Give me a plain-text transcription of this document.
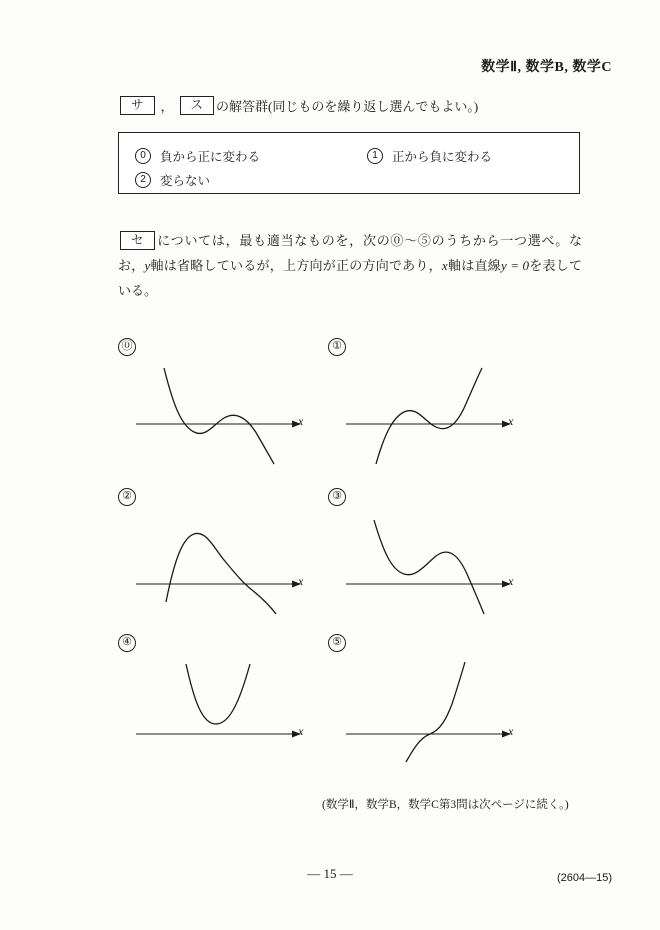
数学Ⅱ, 数学B, 数学C
サ	，	ス	の解答群(同じものを繰り返し選んでもよい。)
0	負から正に変わる	1	正から負に変わる
2	変らない
セ については，最も適当なものを，次の⓪〜⑤のうちから一つ選べ。なお，y軸は省略しているが，上方向が正の方向であり，x軸は直線y = 0を表している。
⓪
x
①
x
②
x
③
x
④
x
⑤
x
(数学Ⅱ，数学B，数学C第3問は次ページに続く。)
— 15 —	(2604—15)
